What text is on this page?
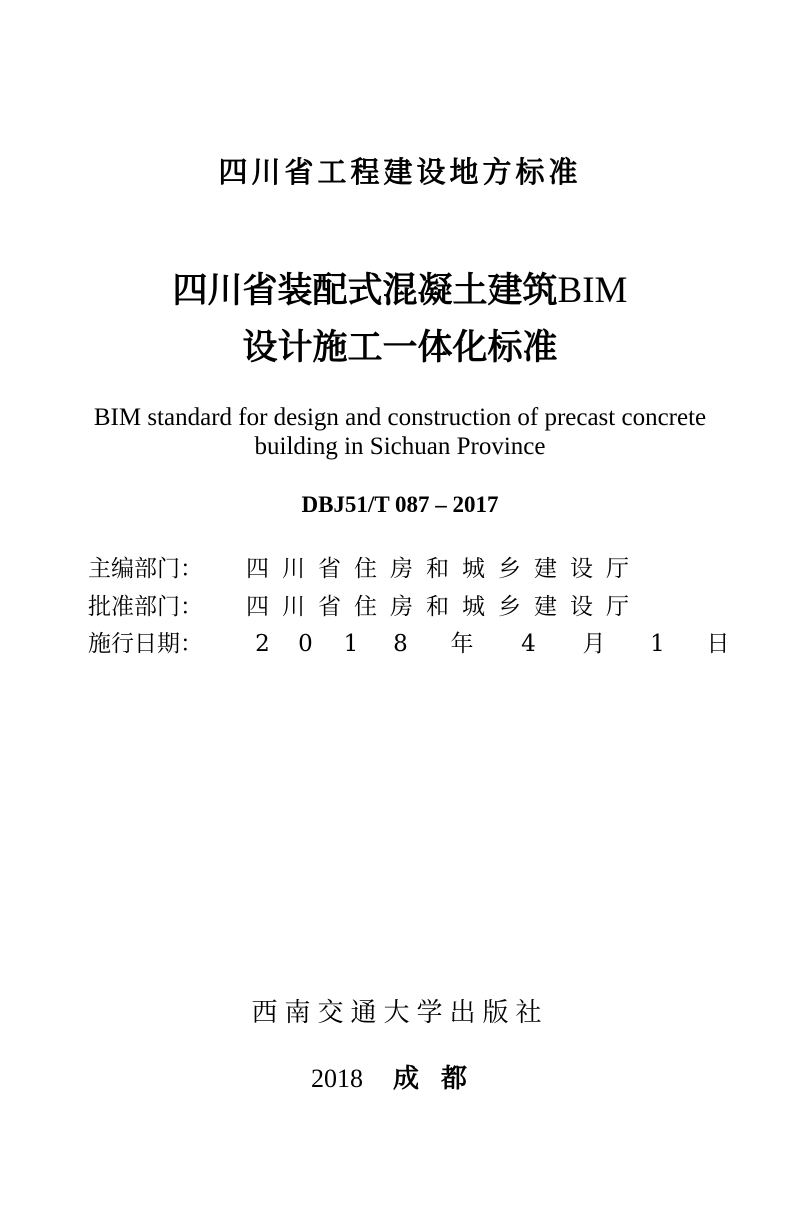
四川省工程建设地方标准
四川省装配式混凝土建筑BIM
设计施工一体化标准
BIM standard for design and construction of precast concrete
building in Sichuan Province
DBJ51/T 087 – 2017
主编部门：	四川省住房和城乡建设厅
批准部门：	四川省住房和城乡建设厅
施行日期：	2 0 1 8 年 4 月 1 日
西南交通大学出版社
2018 成都
